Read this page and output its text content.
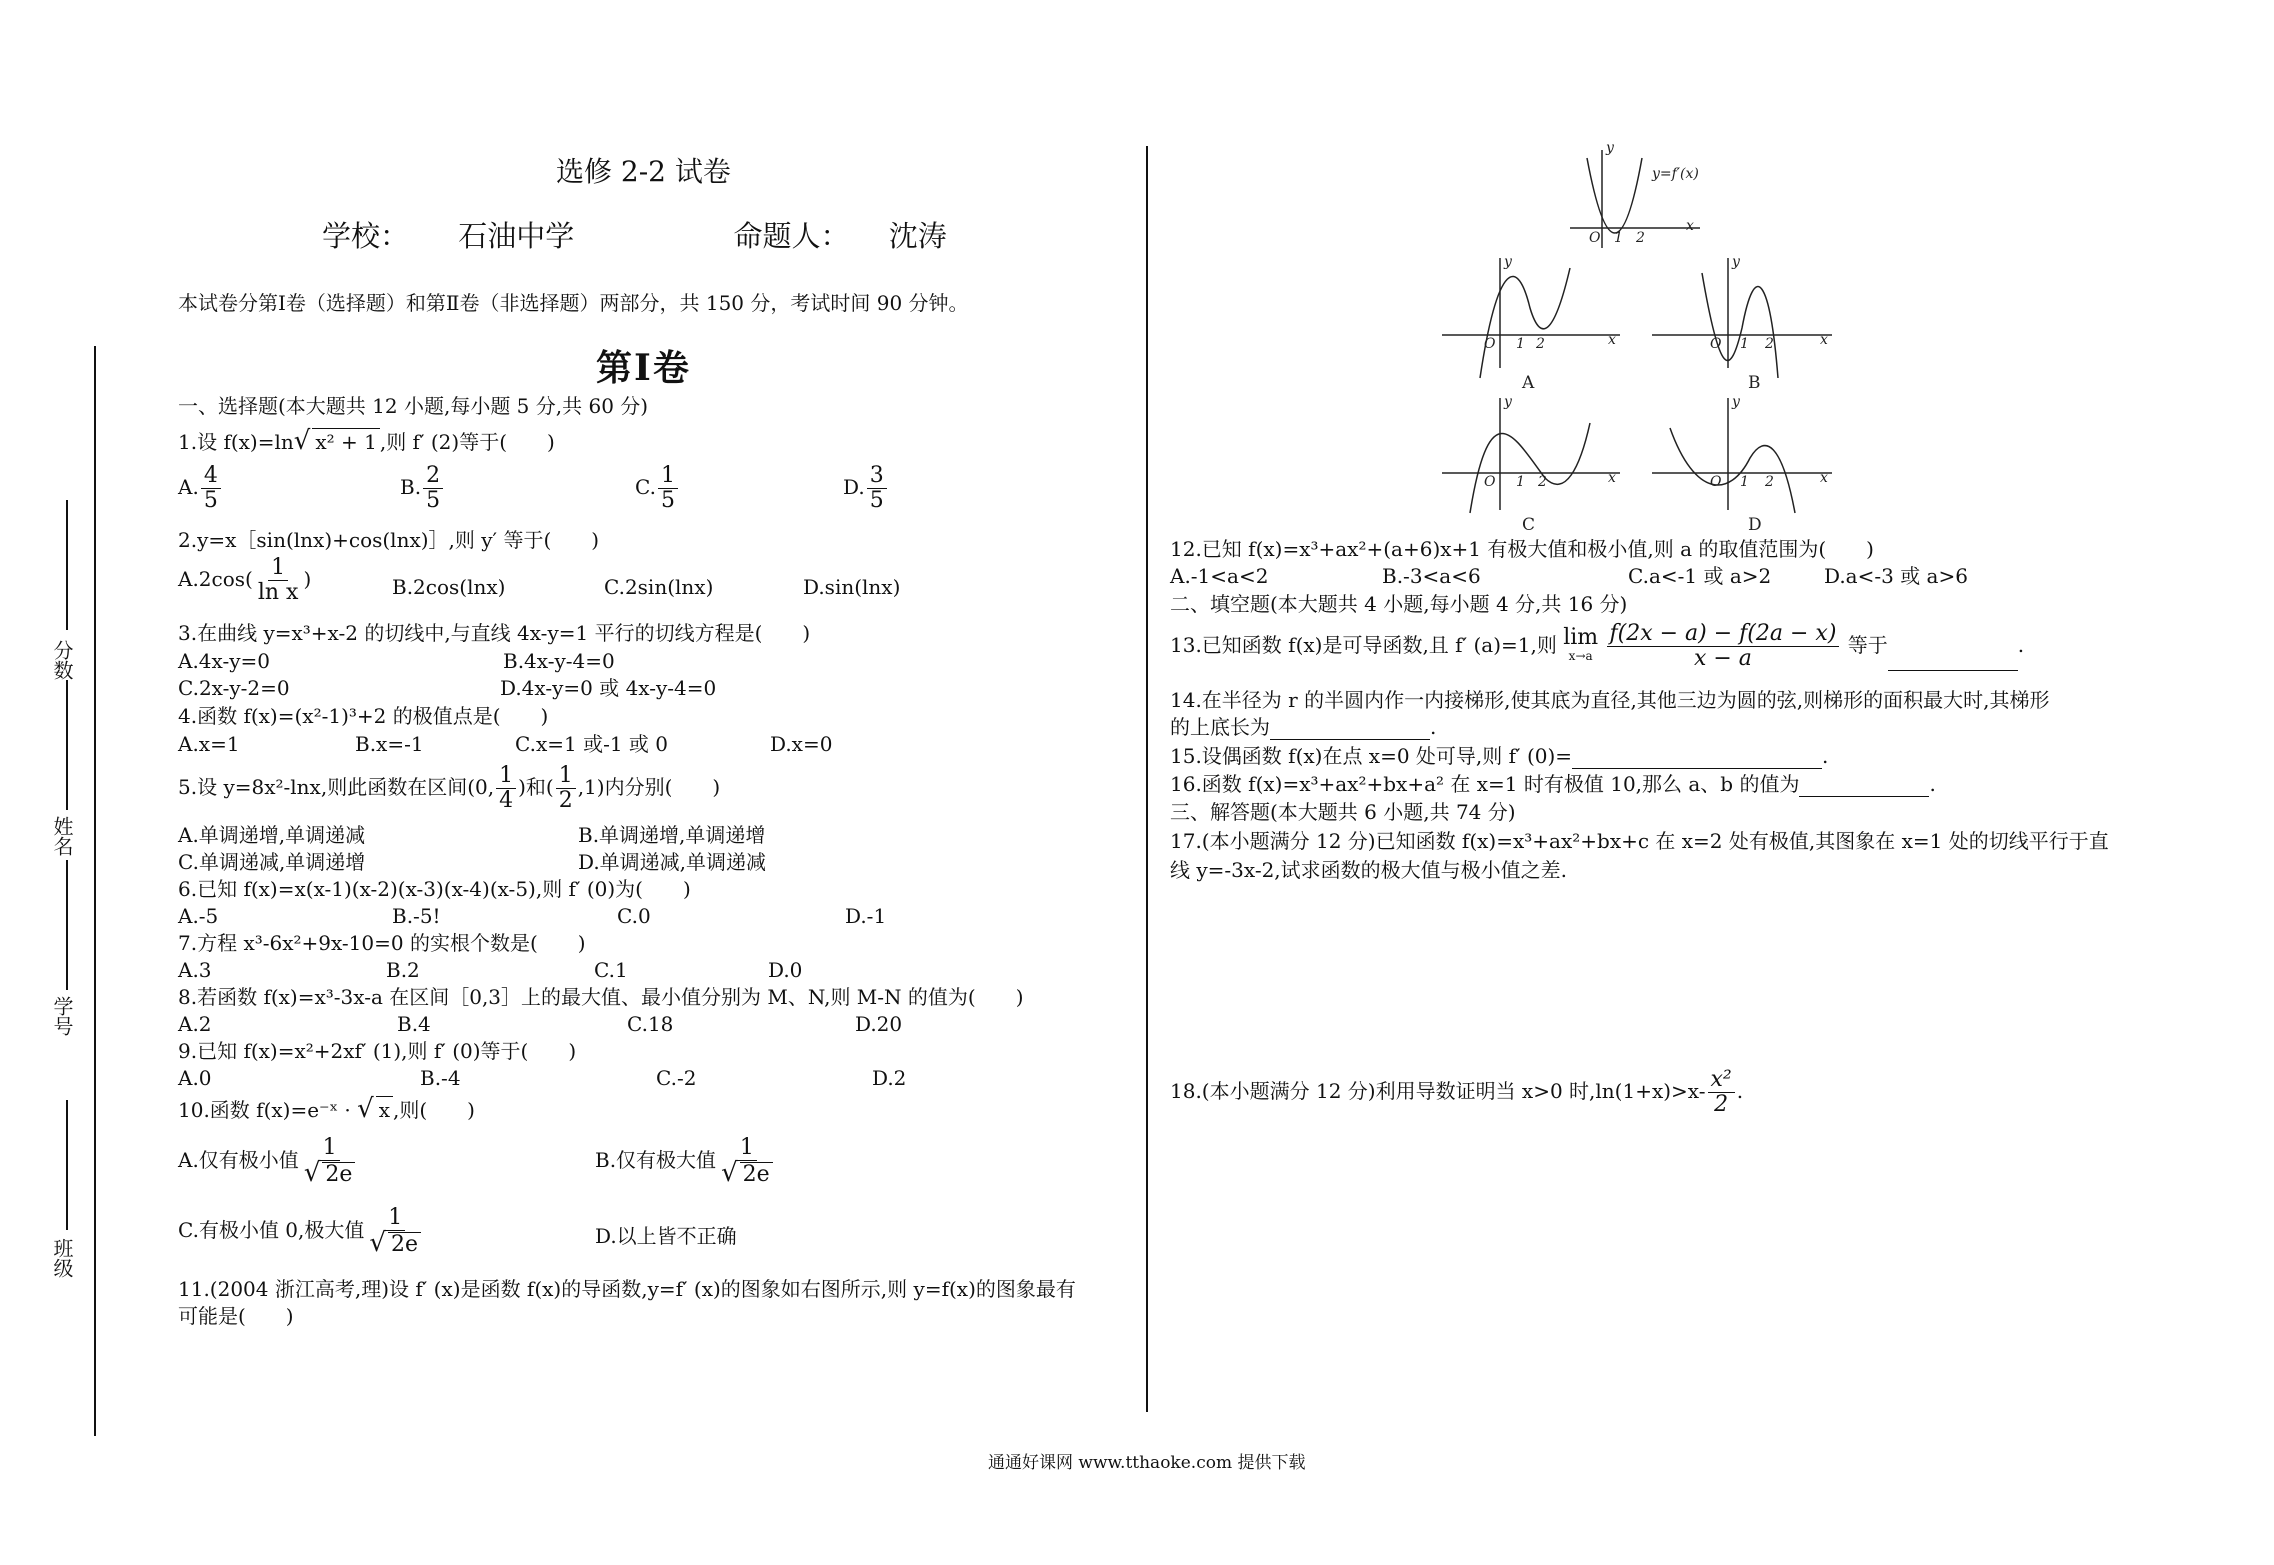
选修 2-2 试卷
学校： 石油中学	命题人： 沈涛
本试卷分第Ⅰ卷（选择题）和第Ⅱ卷（非选择题）两部分，共 150 分，考试时间 90 分钟。
分数
姓名
学号
班级
第Ⅰ卷
一、选择题(本大题共 12 小题,每小题 5 分,共 60 分)
1.设 f(x)=ln√ x² + 1 ,则 f′ (2)等于(　　)
A. $\frac{4}{5}$	B. $\frac{2}{5}$	C. $\frac{1}{5}$	D. $\frac{3}{5}$
2.y=x［sin(lnx)+cos(lnx)］,则 y′ 等于(　　)
$A.2\cos( \frac{1}{\text{ln x}}$ )	B.2cos(lnx)	C.2sin(lnx)	D.sin(lnx)
3.在曲线 y=x³+x-2 的切线中,与直线 4x-y=1 平行的切线方程是(　　)
A.4x-y=0	B.4x-y-4=0
C.2x-y-2=0	D.4x-y=0 或 4x-y-4=0
4.函数 f(x)=(x²-1)³+2 的极值点是(　　)
A.x=1	B.x=-1	C.x=1 或-1 或 0	D.x=0
5.设 y=8x²-lnx,则此函数在区间(0, $\frac{1}{4}$ )和( $\frac{1}{2} ,1$)内分别(　　)
A.单调递增,单调递减	B.单调递增,单调递增
C.单调递减,单调递增	D.单调递减,单调递减
6.已知 f(x)=x(x-1)(x-2)(x-3)(x-4)(x-5),则 f′ (0)为(　　)
A.-5	B.-5!	C.0	D.-1
7.方程 x³-6x²+9x-10=0 的实根个数是(　　)
A.3	B.2	C.1	D.0
8.若函数 f(x)=x³-3x-a 在区间［0,3］上的最大值、最小值分别为 M、N,则 M-N 的值为(　　)
A.2	B.4	C.18	D.20
9.已知 f(x)=x²+2xf′ (1),则 f′ (0)等于(　　)
A.0	B.-4	C.-2	D.2
10.函数 f(x)=e⁻ˣ · √ x ,则(　　)
A.仅有极小值 $\frac{1}{√ 2e}$	B.仅有极大值 $\frac{1}{√ 2e}$
C.有极小值 0,极大值 $\frac{1}{√ 2e}$	D.以上皆不正确
11.(2004 浙江高考,理)设 f′ (x)是函数 f(x)的导函数,y=f′ (x)的图象如右图所示,则 y=f(x)的图象最有
可能是(　　)
y
y=f′(x)
x
O 1 2
y
x
O 1 2
y
x
O 1 2
y
x
O 1 2
y
x
O 1 2
A	B
C	D
12.已知 f(x)=x³+ax²+(a+6)x+1 有极大值和极小值,则 a 的取值范围为(　　)
A.-1<a<2	B.-3<a<6	C.a<-1 或 a>2	D.a<-3 或 a>6
二、填空题(本大题共 4 小题,每小题 4 分,共 16 分)
13.已知函数 f(x)是可导函数,且 f′ (a)=1,则 lim
x→a
$\frac{f(2x - a) - f(2a - x)}{x - a}$ 等于	.
14.在半径为 r 的半圆内作一内接梯形,使其底为直径,其他三边为圆的弦,则梯形的面积最大时,其梯形
的上底长为	.
15.设偶函数 f(x)在点 x=0 处可导,则 f′ (0)=	.
16.函数 f(x)=x³+ax²+bx+a² 在 x=1 时有极值 10,那么 a、b 的值为	.
三、解答题(本大题共 6 小题,共 74 分)
17.(本小题满分 12 分)已知函数 f(x)=x³+ax²+bx+c 在 x=2 处有极值,其图象在 x=1 处的切线平行于直
线 y=-3x-2,试求函数的极大值与极小值之差.
18.(本小题满分 12 分)利用导数证明当 x>0 时$,\ln(1+x)>x- \frac{\text{x²}}{2}$ .
通通好课网 www.tthaoke.com 提供下载
